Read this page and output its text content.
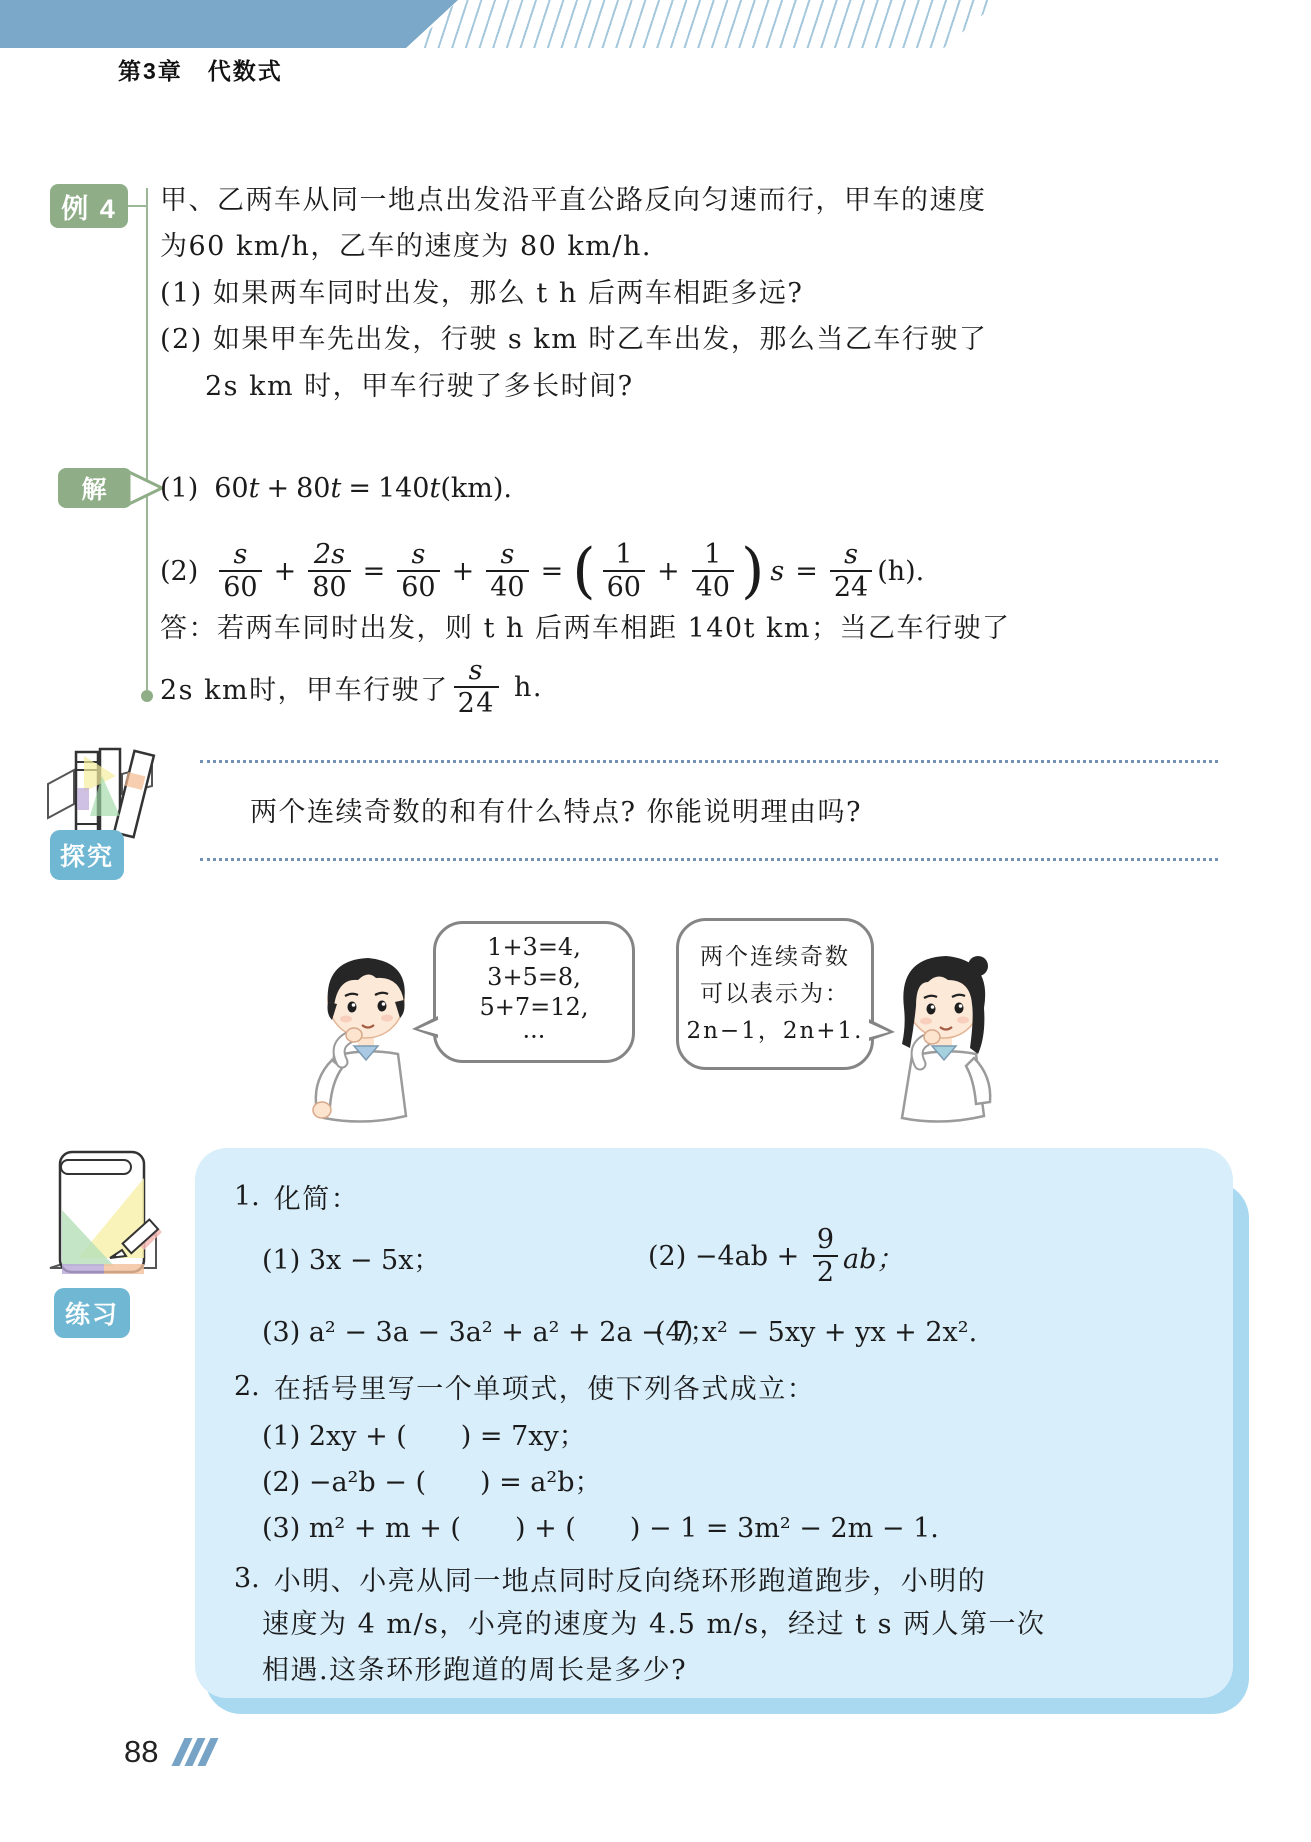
第3章　代数式
例 4	甲、乙两车从同一地点出发沿平直公路反向匀速而行，甲车的速度
为60 km/h，乙车的速度为 80 km/h.
(1) 如果两车同时出发，那么 t h 后两车相距多远?
(2) 如果甲车先出发，行驶 s km 时乙车出发，那么当乙车行驶了
2s km 时，甲车行驶了多长时间?
解	(1) 60 t + 80 t = 140 t (km).
$(2) \frac{s}{60} + \frac{2s}{80} = \frac{s}{60} + \frac{s}{40}$ = ( $\frac{1}{60} + \frac{1}{40}$ ) $s = \frac{s}{24} (h)$.
答：若两车同时出发，则 t h 后两车相距 140t km；当乙车行驶了
2s km时，甲车行驶了 $\frac{s}{24} h$.
探究
两个连续奇数的和有什么特点? 你能说明理由吗?
1+3=4,
3+5=8,
5+7=12,
···
两个连续奇数
可以表示为：
2n−1，2n+1.
练习
1. 化简：
(1) 3x − 5x；	$(2) -4ab + \frac{9}{2}$ ab；
(3) a² − 3a − 3a² + a² + 2a − 7；
(4) x² − 5xy + yx + 2x².
2. 在括号里写一个单项式，使下列各式成立：
(1) 2xy + (　　) = 7xy；
(2) −a²b − (　　) = a²b；
(3) m² + m + (　　) + (　　) − 1 = 3m² − 2m − 1.
3. 小明、小亮从同一地点同时反向绕环形跑道跑步，小明的
速度为 4 m/s，小亮的速度为 4.5 m/s，经过 t s 两人第一次
相遇.这条环形跑道的周长是多少?
88
